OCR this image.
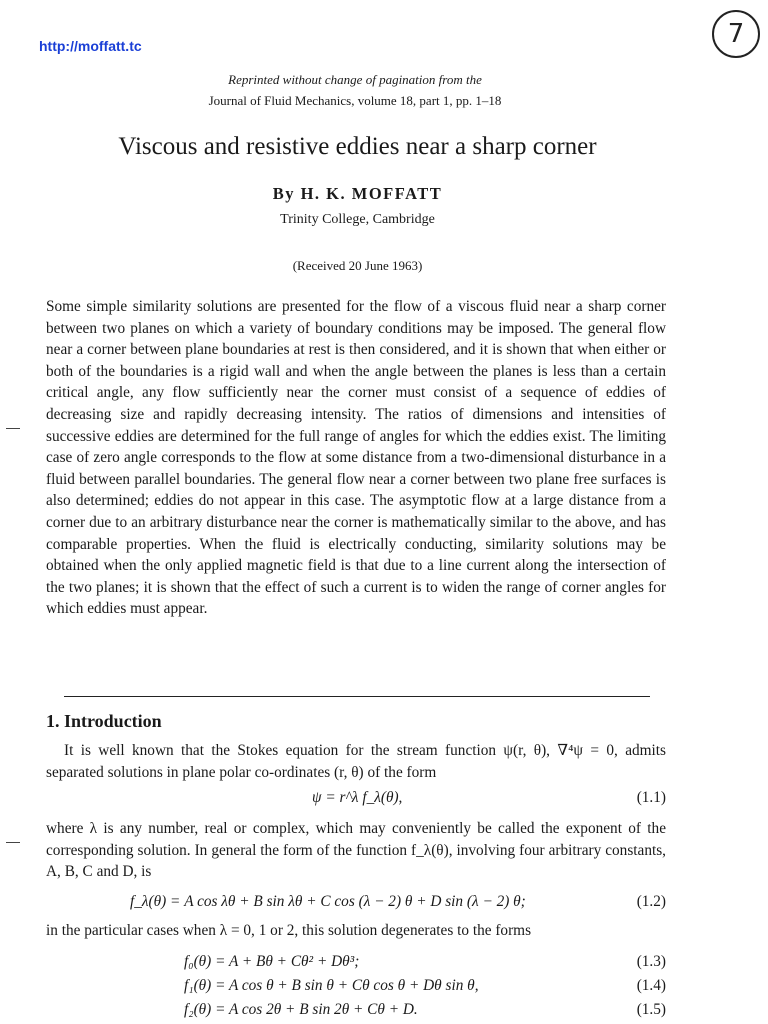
http://moffatt.tc	7
Reprinted without change of pagination from the
Journal of Fluid Mechanics, volume 18, part 1, pp. 1–18
Viscous and resistive eddies near a sharp corner
By H. K. MOFFATT
Trinity College, Cambridge
(Received 20 June 1963)

Some simple similarity solutions are presented for the flow of a viscous fluid near a sharp corner between two planes on which a variety of boundary conditions may be imposed. The general flow near a corner between plane boundaries at rest is then considered, and it is shown that when either or both of the boundaries is a rigid wall and when the angle between the planes is less than a certain critical angle, any flow sufficiently near the corner must consist of a sequence of eddies of decreasing size and rapidly decreasing intensity. The ratios of dimensions and intensities of successive eddies are determined for the full range of angles for which the eddies exist. The limiting case of zero angle corresponds to the flow at some distance from a two-dimensional disturbance in a fluid between parallel boundaries. The general flow near a corner between two plane free surfaces is also determined; eddies do not appear in this case. The asymptotic flow at a large distance from a corner due to an arbitrary disturbance near the corner is mathematically similar to the above, and has comparable properties. When the fluid is electrically conducting, similarity solutions may be obtained when the only applied magnetic field is that due to a line current along the intersection of the two planes; it is shown that the effect of such a current is to widen the range of corner angles for which eddies must appear.

1. Introduction

It is well known that the Stokes equation for the stream function ψ(r, θ), ∇⁴ψ = 0, admits separated solutions in plane polar co-ordinates (r, θ) of the form

ψ = r^λ f_λ(θ),	(1.1)

where λ is any number, real or complex, which may conveniently be called the exponent of the corresponding solution. In general the form of the function f_λ(θ), involving four arbitrary constants, A, B, C and D, is

f_λ(θ) = A cos λθ + B sin λθ + C cos (λ − 2) θ + D sin (λ − 2) θ;	(1.2)

in the particular cases when λ = 0, 1 or 2, this solution degenerates to the forms

f₀(θ) = A + Bθ + Cθ² + Dθ³;	(1.3)
f₁(θ) = A cos θ + B sin θ + Cθ cos θ + Dθ sin θ,	(1.4)
f₂(θ) = A cos 2θ + B sin 2θ + Cθ + D.	(1.5)
